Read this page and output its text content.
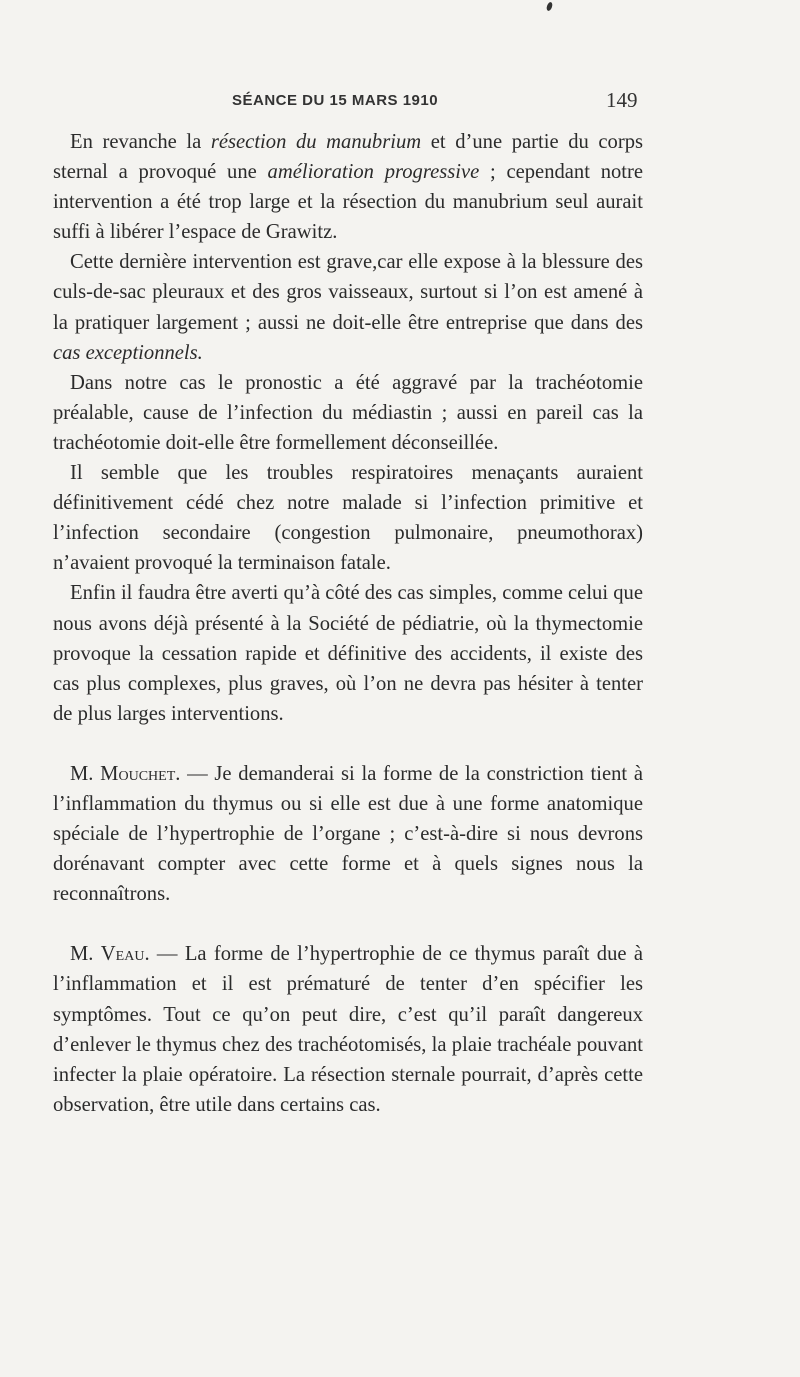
SÉANCE DU 15 MARS 1910	149

En revanche la résection du manubrium et d’une partie du corps sternal a provoqué une amélioration progressive ; cependant notre intervention a été trop large et la résection du manubrium seul aurait suffi à libérer l’espace de Grawitz.

Cette dernière intervention est grave,car elle expose à la blessure des culs-de-sac pleuraux et des gros vaisseaux, surtout si l’on est amené à la pratiquer largement ; aussi ne doit-elle être entreprise que dans des cas exceptionnels.

Dans notre cas le pronostic a été aggravé par la trachéotomie préalable, cause de l’infection du médiastin ; aussi en pareil cas la trachéotomie doit-elle être formellement déconseillée.

Il semble que les troubles respiratoires menaçants auraient définitivement cédé chez notre malade si l’infection primitive et l’infection secondaire (congestion pulmonaire, pneumothorax) n’avaient provoqué la terminaison fatale.

Enfin il faudra être averti qu’à côté des cas simples, comme celui que nous avons déjà présenté à la Société de pédiatrie, où la thymectomie provoque la cessation rapide et définitive des accidents, il existe des cas plus complexes, plus graves, où l’on ne devra pas hésiter à tenter de plus larges interventions.

M. Mouchet. — Je demanderai si la forme de la constriction tient à l’inflammation du thymus ou si elle est due à une forme anatomique spéciale de l’hypertrophie de l’organe ; c’est-à-dire si nous devrons dorénavant compter avec cette forme et à quels signes nous la reconnaîtrons.

M. Veau. — La forme de l’hypertrophie de ce thymus paraît due à l’inflammation et il est prématuré de tenter d’en spécifier les symptômes. Tout ce qu’on peut dire, c’est qu’il paraît dangereux d’enlever le thymus chez des trachéotomisés, la plaie trachéale pouvant infecter la plaie opératoire. La résection sternale pourrait, d’après cette observation, être utile dans certains cas.
